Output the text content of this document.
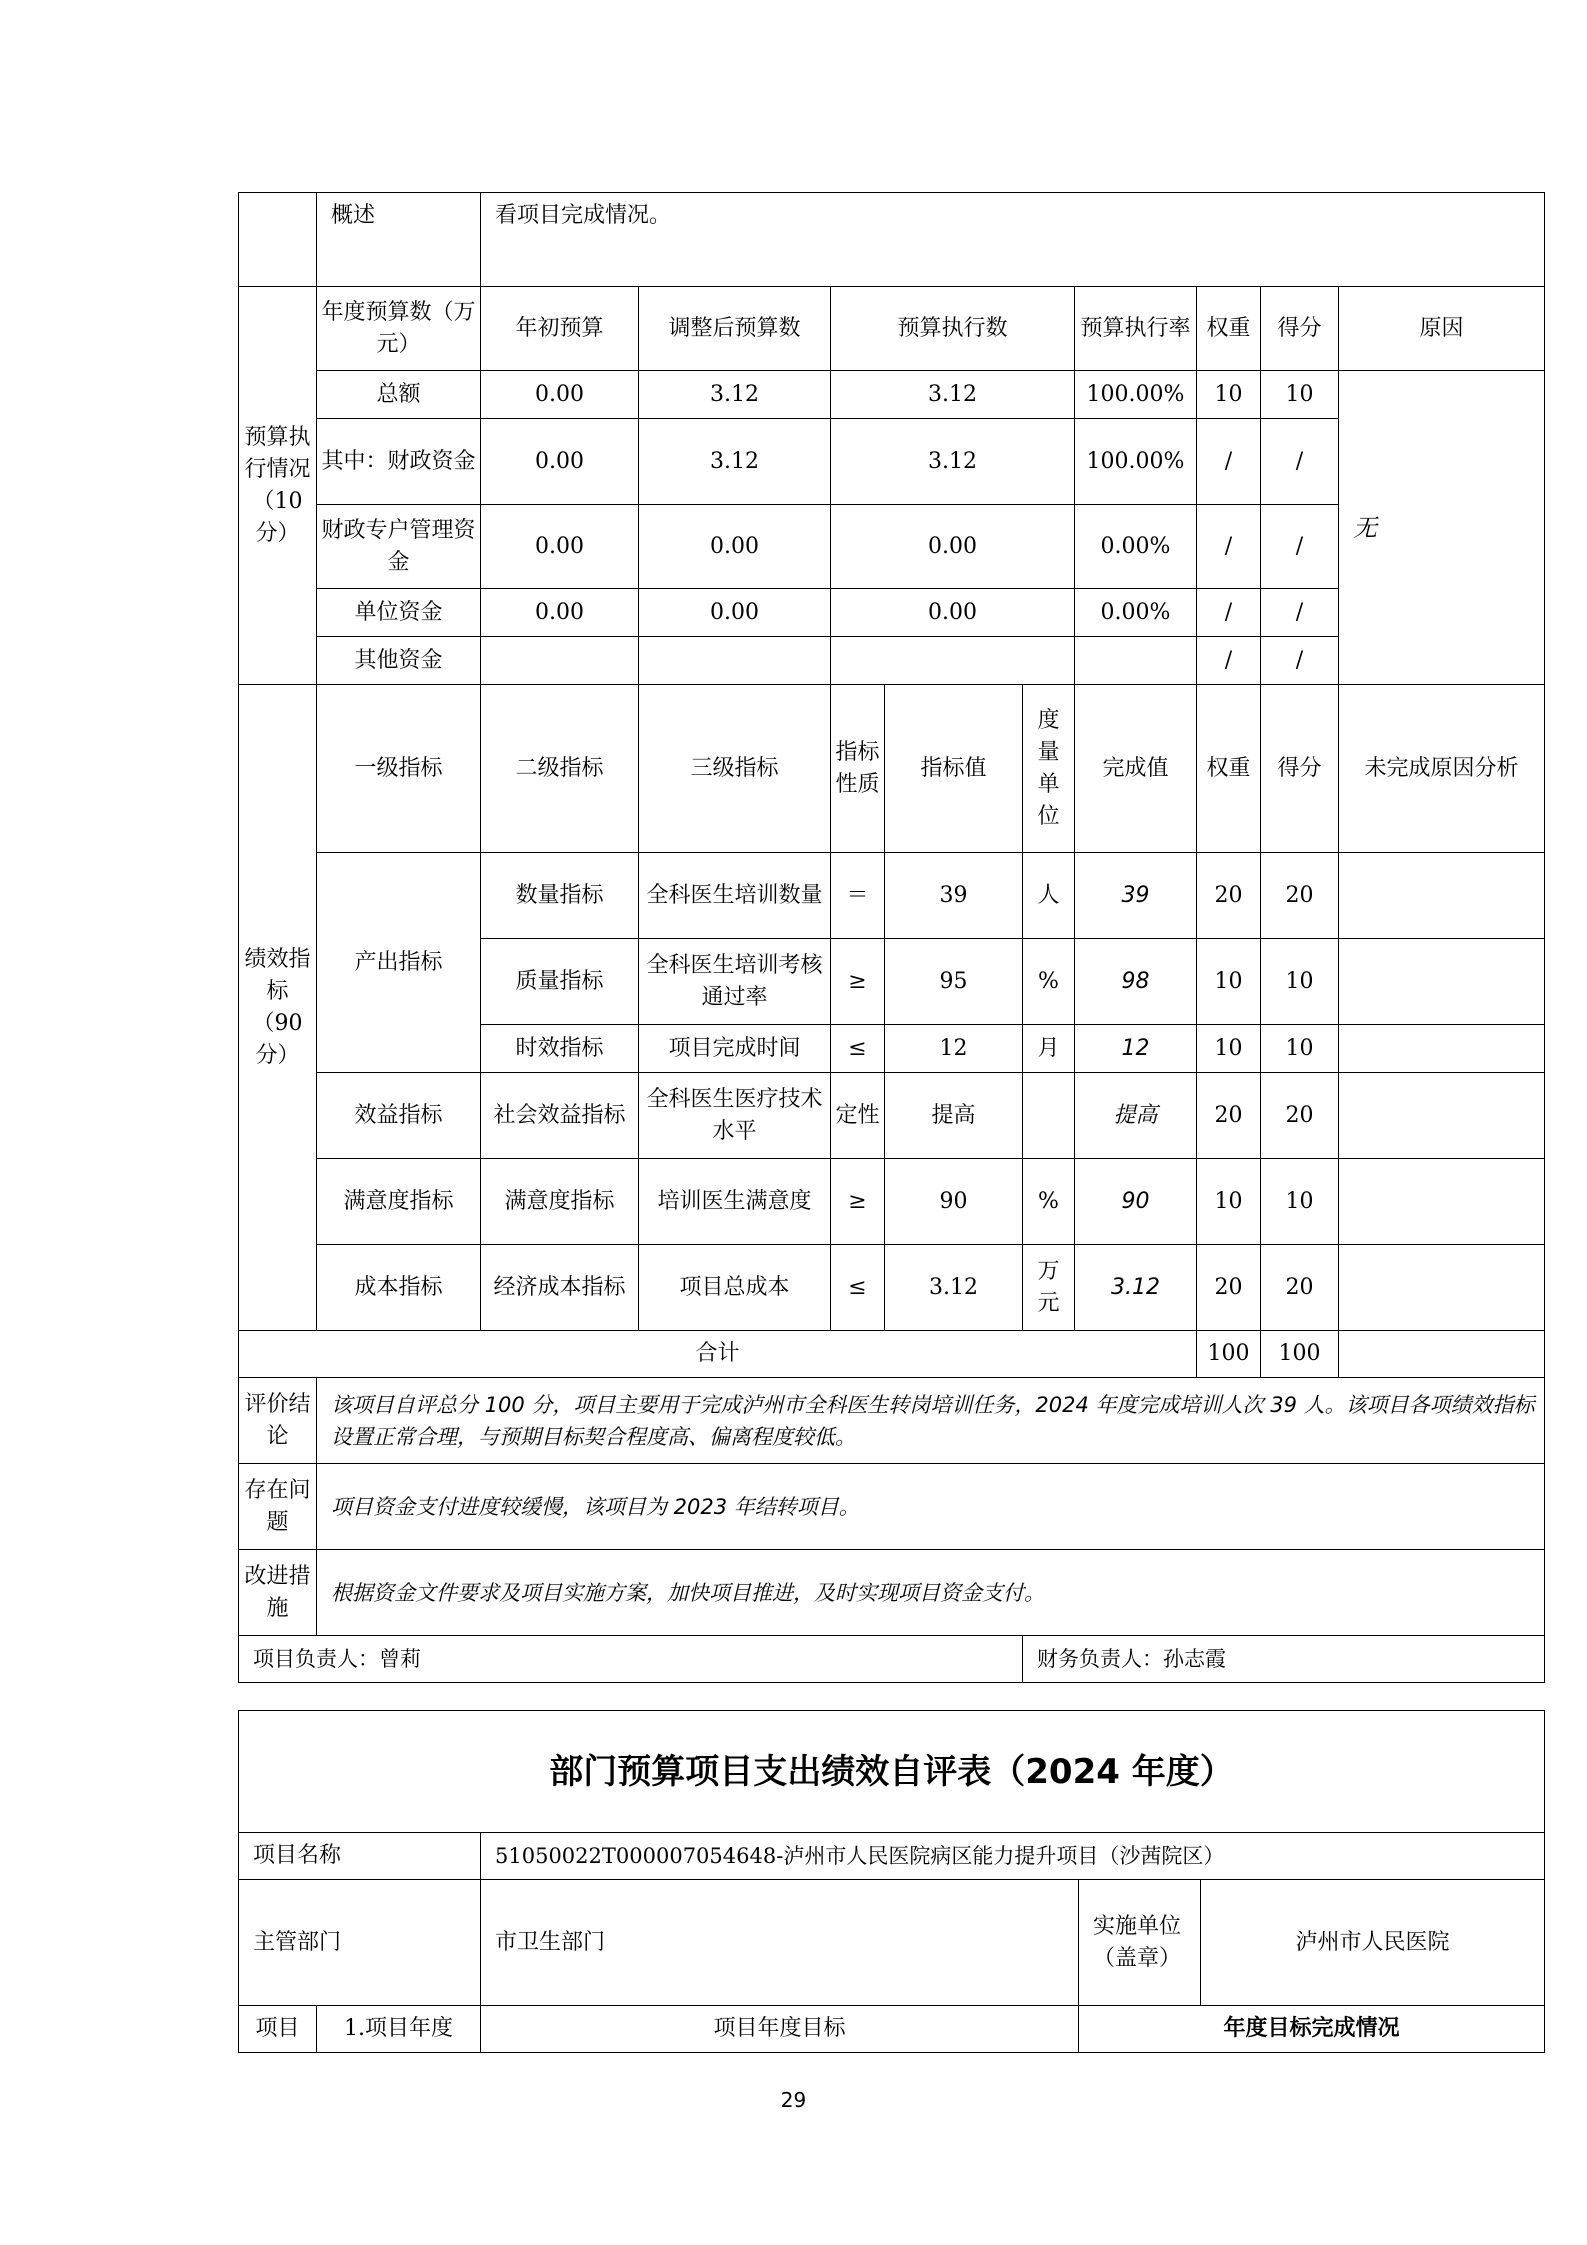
	概述	看项目完成情况。								
预算执行情况（10分）	年度预算数（万元）	年初预算	调整后预算数	预算执行数			预算执行率	权重	得分	原因
	总额	0.00	3.12	3.12			100.00%	10	10	无
	其中：财政资金	0.00	3.12	3.12			100.00%	/	/	
	财政专户管理资金	0.00	0.00	0.00			0.00%	/	/	
	单位资金	0.00	0.00	0.00			0.00%	/	/	
	其他资金							/	/	
绩效指标（90分）	一级指标	二级指标	三级指标	指标性质	指标值	度量单位	完成值	权重	得分	未完成原因分析
	产出指标	数量指标	全科医生培训数量	＝	39	人	39	20	20	
		质量指标	全科医生培训考核通过率	≥	95	%	98	10	10	
		时效指标	项目完成时间	≤	12	月	12	10	10	
	效益指标	社会效益指标	全科医生医疗技术水平	定性	提高		提高	20	20	
	满意度指标	满意度指标	培训医生满意度	≥	90	%	90	10	10	
	成本指标	经济成本指标	项目总成本	≤	3.12	万元	3.12	20	20	
合计								100	100	
评价结论	该项目自评总分 100 分，项目主要用于完成泸州市全科医生转岗培训任务，2024 年度完成培训人次 39 人。该项目各项绩效指标设置正常合理，与预期目标契合程度高、偏离程度较低。									
存在问题	项目资金支付进度较缓慢，该项目为 2023 年结转项目。									
改进措施	根据资金文件要求及项目实施方案，加快项目推进，及时实现项目资金支付。									
项目负责人：曾莉						财务负责人：孙志霞				
部门预算项目支出绩效自评表（2024 年度）				
项目名称		51050022T000007054648-泸州市人民医院病区能力提升项目（沙茜院区）		
主管部门		市卫生部门	实施单位（盖章）	泸州市人民医院
项目	1.项目年度	项目年度目标	年度目标完成情况	
29
